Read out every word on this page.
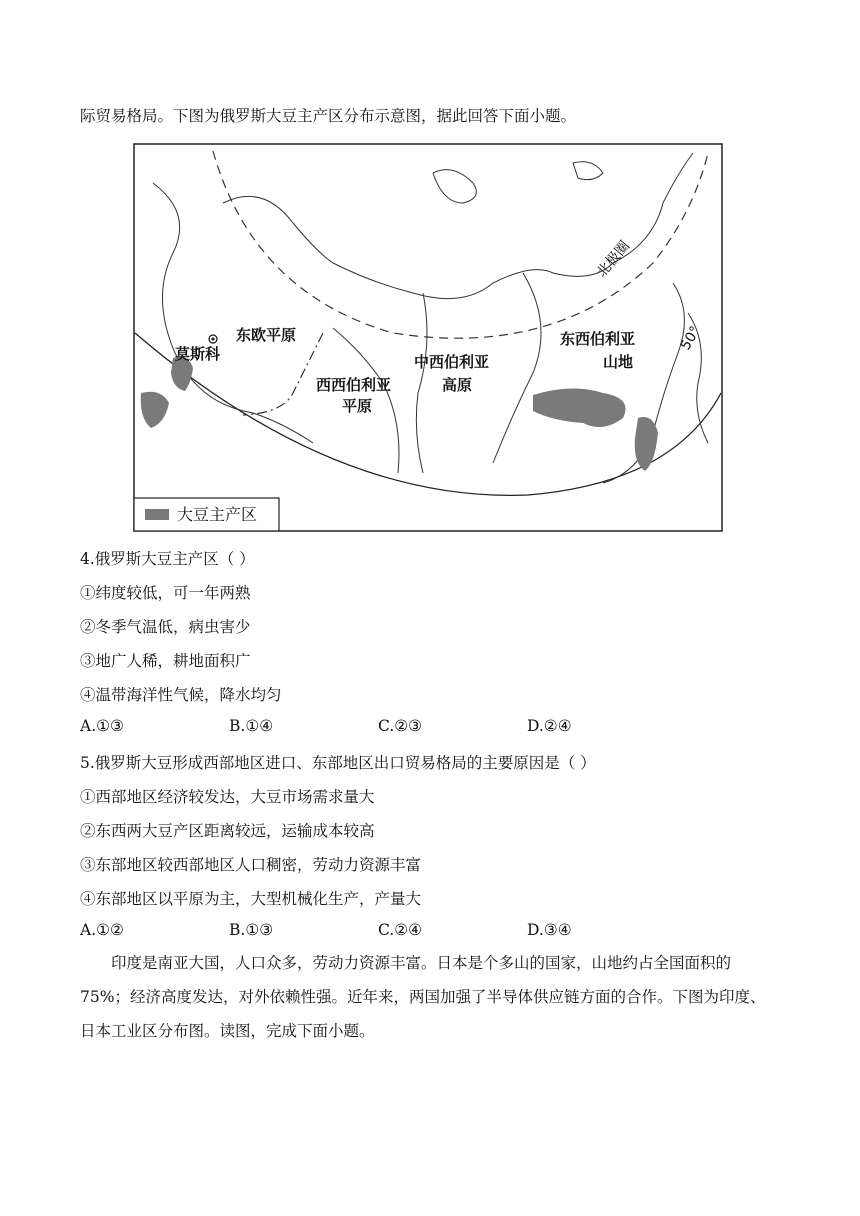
际贸易格局。下图为俄罗斯大豆主产区分布示意图，据此回答下面小题。
莫斯科
东欧平原
西西伯利亚
平原
中西伯利亚
高原
东西伯利亚
山地
北极圈
50°
大豆主产区
4.俄罗斯大豆主产区（ ）
①纬度较低，可一年两熟
②冬季气温低，病虫害少
③地广人稀，耕地面积广
④温带海洋性气候，降水均匀
A.①③	B.①④	C.②③	D.②④
5.俄罗斯大豆形成西部地区进口、东部地区出口贸易格局的主要原因是（ ）
①西部地区经济较发达，大豆市场需求量大
②东西两大豆产区距离较远，运输成本较高
③东部地区较西部地区人口稠密，劳动力资源丰富
④东部地区以平原为主，大型机械化生产，产量大
A.①②	B.①③	C.②④	D.③④
印度是南亚大国，人口众多，劳动力资源丰富。日本是个多山的国家，山地约占全国面积的 75%；经济高度发达，对外依赖性强。近年来，两国加强了半导体供应链方面的合作。下图为印度、日本工业区分布图。读图，完成下面小题。
